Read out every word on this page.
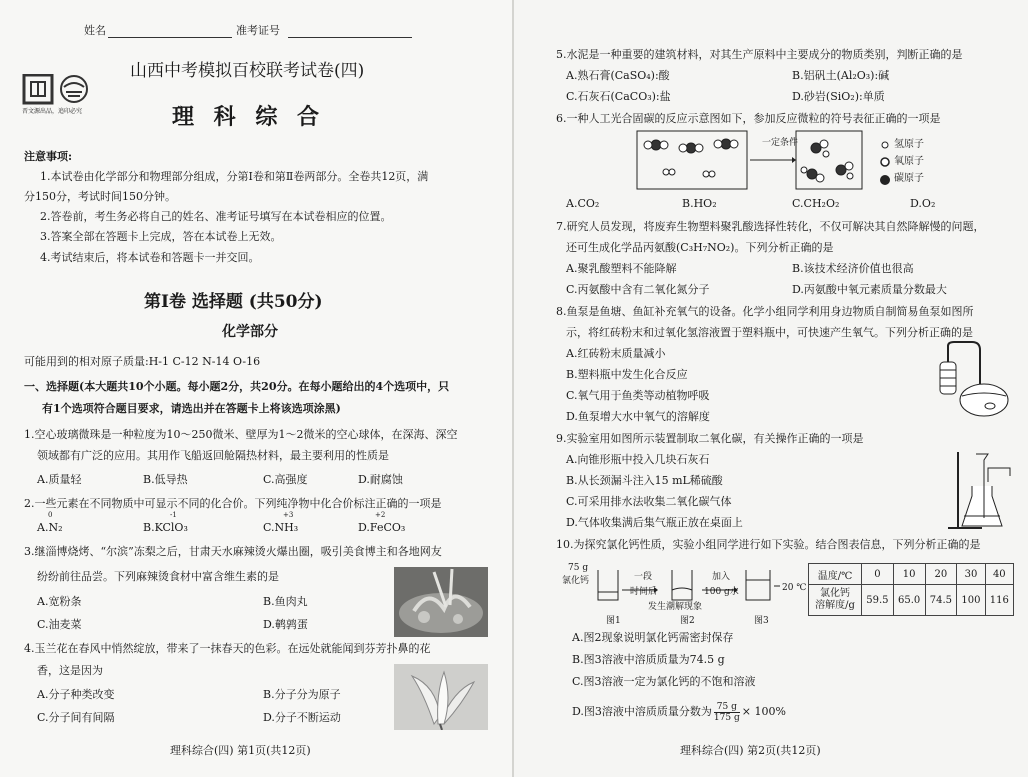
姓名	准考证号
晋文源出品，追印必究
山西中考模拟百校联考试卷(四)
理 科 综 合
注意事项:
1.本试卷由化学部分和物理部分组成，分第Ⅰ卷和第Ⅱ卷两部分。全卷共12页，满
分150分，考试时间150分钟。
2.答卷前，考生务必将自己的姓名、准考证号填写在本试卷相应的位置。
3.答案全部在答题卡上完成，答在本试卷上无效。
4.考试结束后，将本试卷和答题卡一并交回。
第Ⅰ卷 选择题 (共50分)
化学部分
可能用到的相对原子质量:H-1 C-12 N-14 O-16
一、选择题(本大题共10个小题。每小题2分，共20分。在每小题给出的4个选项中，只
有1个选项符合题目要求，请选出并在答题卡上将该选项涂黑)
1.空心玻璃微珠是一种粒度为10～250微米、壁厚为1～2微米的空心球体，在深海、深空
领域都有广泛的应用。其用作飞船返回舱隔热材料，最主要利用的性质是
A.质量轻	B.低导热	C.高强度	D.耐腐蚀
2.一些元素在不同物质中可显示不同的化合价。下列纯净物中化合价标注正确的一项是
0	-1	+3	+2
A.N₂	B.KClO₃	C.NH₃	D.FeCO₃
3.继淄博烧烤、“尔滨”冻梨之后，甘肃天水麻辣烫火爆出圈，吸引美食博主和各地网友
纷纷前往品尝。下列麻辣烫食材中富含维生素的是
A.宽粉条	B.鱼肉丸
C.油麦菜	D.鹌鹑蛋
4.玉兰花在春风中悄然绽放，带来了一抹春天的色彩。在远处就能闻到芬芳扑鼻的花
香，这是因为
A.分子种类改变	B.分子分为原子
C.分子间有间隔	D.分子不断运动
理科综合(四) 第1页(共12页)
5.水泥是一种重要的建筑材料，对其生产原料中主要成分的物质类别，判断正确的是
A.熟石膏(CaSO₄):酸	B.铝矾土(Al₂O₃):碱
C.石灰石(CaCO₃):盐	D.砂岩(SiO₂):单质
6.一种人工光合固碳的反应示意图如下，参加反应微粒的符号表征正确的一项是
一定条件	氢原子
氧原子
碳原子
A.CO₂	B.HO₂	C.CH₂O₂	D.O₂
7.研究人员发现，将废弃生物塑料聚乳酸选择性转化，不仅可解决其自然降解慢的问题，
还可生成化学品丙氨酸(C₃H₇NO₂)。下列分析正确的是
A.聚乳酸塑料不能降解	B.该技术经济价值也很高
C.丙氨酸中含有二氧化氮分子	D.丙氨酸中氧元素质量分数最大
8.鱼泵是鱼塘、鱼缸补充氧气的设备。化学小组同学利用身边物质自制简易鱼泵如图所
示，将红砖粉末和过氧化氢溶液置于塑料瓶中，可快速产生氧气。下列分析正确的是
A.红砖粉末质量减小
B.塑料瓶中发生化合反应
C.氧气用于鱼类等动植物呼吸
D.鱼泵增大水中氧气的溶解度
9.实验室用如图所示装置制取二氧化碳，有关操作正确的一项是
A.向锥形瓶中投入几块石灰石
B.从长颈漏斗注入15 mL稀硫酸
C.可采用排水法收集二氧化碳气体
D.气体收集满后集气瓶正放在桌面上
10.为探究氯化钙性质，实验小组同学进行如下实验。结合图表信息，下列分析正确的是
75 g
氯化钙	一段
时间后
加入
100 g水	20 ℃
发生潮解现象
图1	图2	图3
温度/℃	0	10	20	30	40
氯化钙
溶解度/g	59.5	65.0	74.5	100	116
A.图2现象说明氯化钙需密封保存
B.图3溶液中溶质质量为74.5 g
C.图3溶液一定为氯化钙的不饱和溶液
D.图3溶液中溶质质量分数为 $\frac{75 g}{175 g} \times 100\%$
理科综合(四) 第2页(共12页)
